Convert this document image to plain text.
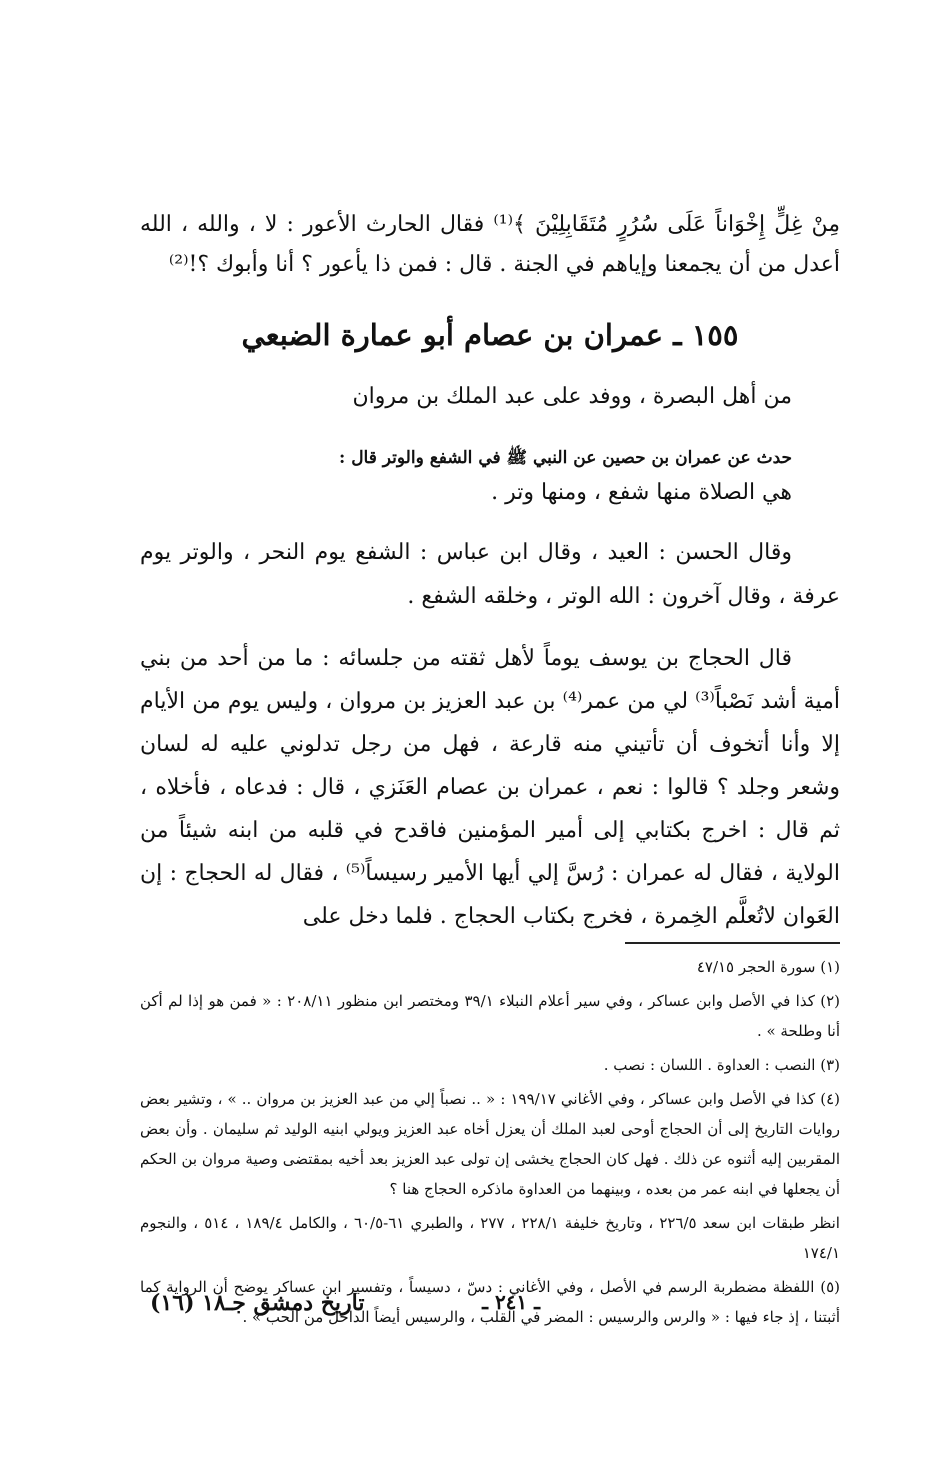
مِنْ غِلٍّ إِخْوَاناً عَلَى سُرُرٍ مُتَقَابِلِيْنَ ﴾⁽¹⁾ فقال الحارث الأعور : لا ، والله ، الله أعدل من أن يجمعنا وإياهم في الجنة . قال : فمن ذا يأعور ؟ أنا وأبوك ؟!⁽²⁾

١٥٥ ـ عمران بن عصام أبو عمارة الضبعي

من أهل البصرة ، ووفد على عبد الملك بن مروان

حدث عن عمران بن حصين عن النبي ﷺ في الشفع والوتر قال :

هي الصلاة منها شفع ، ومنها وتر .

وقال الحسن : العيد ، وقال ابن عباس : الشفع يوم النحر ، والوتر يوم عرفة ، وقال آخرون : الله الوتر ، وخلقه الشفع .

قال الحجاج بن يوسف يوماً لأهل ثقته من جلسائه : ما من أحد من بني أمية أشد نَصْباً⁽³⁾ لي من عمر⁽⁴⁾ بن عبد العزيز بن مروان ، وليس يوم من الأيام إلا وأنا أتخوف أن تأتيني منه قارعة ، فهل من رجل تدلوني عليه له لسان وشعر وجلد ؟ قالوا : نعم ، عمران بن عصام العَنَزي ، قال : فدعاه ، فأخلاه ، ثم قال : اخرج بكتابي إلى أمير المؤمنين فاقدح في قلبه من ابنه شيئاً من الولاية ، فقال له عمران : رُسَّ إلي أيها الأمير رسيساً⁽⁵⁾ ، فقال له الحجاج : إن العَوان لاتُعلَّم الخِمرة ، فخرج بكتاب الحجاج . فلما دخل على

(١) سورة الحجر ٤٧/١٥

(٢) كذا في الأصل وابن عساكر ، وفي سير أعلام النبلاء ٣٩/١ ومختصر ابن منظور ٢٠٨/١١ : « فمن هو إذا لم أكن أنا وطلحة » .

(٣) النصب : العداوة . اللسان : نصب .

(٤) كذا في الأصل وابن عساكر ، وفي الأغاني ١٩٩/١٧ : « .. نصباً إلي من عبد العزيز بن مروان .. » ، وتشير بعض روايات التاريخ إلى أن الحجاج أوحى لعبد الملك أن يعزل أخاه عبد العزيز ويولي ابنيه الوليد ثم سليمان . وأن بعض المقربين إليه أثنوه عن ذلك . فهل كان الحجاج يخشى إن تولى عبد العزيز بعد أخيه بمقتضى وصية مروان بن الحكم أن يجعلها في ابنه عمر من بعده ، وبينهما من العداوة ماذكره الحجاج هنا ؟

انظر طبقات ابن سعد ٢٢٦/٥ ، وتاريخ خليفة ٢٢٨/١ ، ٢٧٧ ، والطبري ٦١-٦٠/٥ ، والكامل ١٨٩/٤ ، ٥١٤ ، والنجوم ١٧٤/١

(٥) اللفظة مضطربة الرسم في الأصل ، وفي الأغاني : دسّ ، دسيساً ، وتفسير ابن عساكر يوضح أن الرواية كما أثبتنا ، إذ جاء فيها : « والرس والرسيس : المضر في القلب ، والرسيس أيضاً الداخل من الحب » .

ـ ٢٤١ ـ
تاريخ دمشق جـ١٨ (١٦)
